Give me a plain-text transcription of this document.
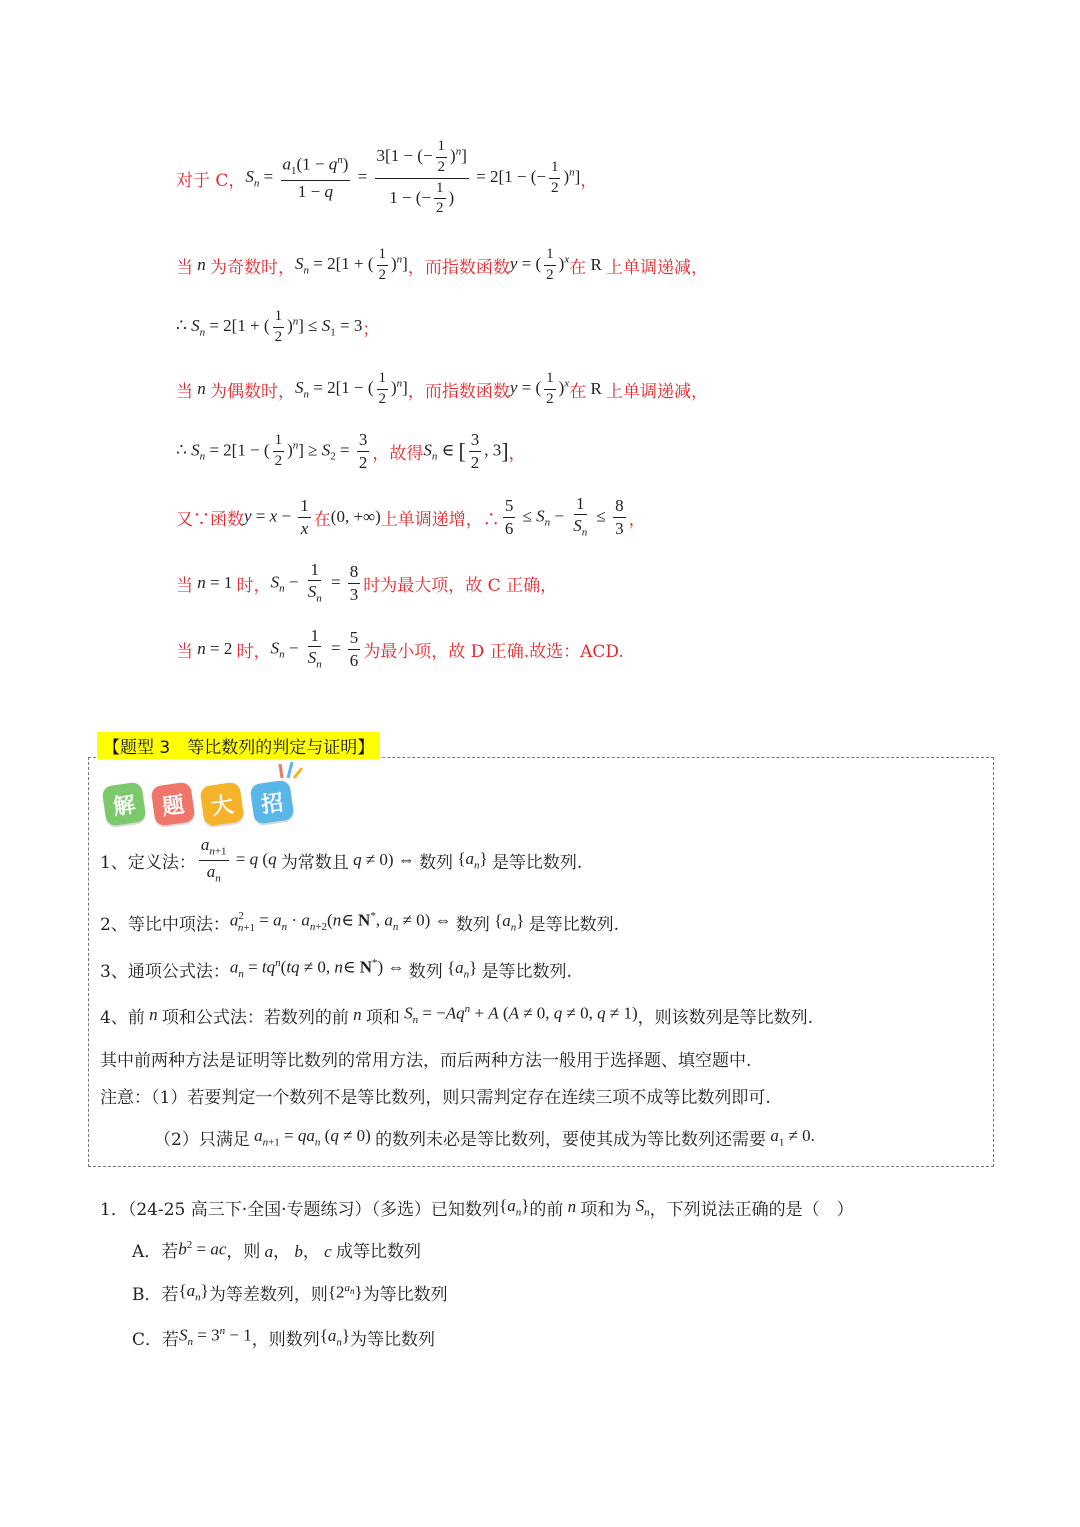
对于 C， $S_n = \frac{a_1(1 - q^n)}{1 - q} = \frac{3[1 - (- \frac{1}{2} )^n]}{1 - (- \frac{1}{2} )} = 2[1$ − (− $\frac{1}{2} )^n$] ，
当 n 为奇数时， $S_n = 2[1$ + ( $\frac{1}{2} )^n$] ，而指数函数 y = ( $\frac{1}{2} )^x$ 在 R 上单调递减，
∴ $S_n = 2[1$ + ( $\frac{1}{2} )^n] \le S_1 = 3$ ；
当 n 为偶数时， $S_n = 2[1$ − ( $\frac{1}{2} )^n$] ，而指数函数 y = ( $\frac{1}{2} )^x$ 在 R 上单调递减，
∴ $S_n = 2[1$ − ( $\frac{1}{2} )^n] \ge S_2 = \frac{3}{2}$ ，故得 $S_n$ ∈ [ $\frac{3}{2}$ , 3] ，
又∵函数 $y = x - \frac{1}{x}$ 在 (0, +∞) 上单调递增，∴ $\frac{5}{6} \le S_n - \frac{1}{S_n} \le \frac{8}{3}$ ，
当 n = 1 时， $S_n - \frac{1}{S_n} = \frac{8}{3}$ 时为最大项，故 C 正确，
当 n = 2 时， $S_n - \frac{1}{S_n} = \frac{5}{6}$ 为最小项，故 D 正确.故选：ACD.
【题型 3　等比数列的判定与证明】
解	题	大	招
1、定义法： $\frac{a_{n+1}}{a_n} = q$ (q 为常数且 q ≠ 0) ⇔ 数列 $\{a_n\}$ 是等比数列.
2、等比中项法： $a^2_{n+1} = a_n$ · $a_{n+2}(n\in$ N*, $a_n \ne 0$) ⇔ 数列 $\{a_n\}$ 是等比数列.
3、通项公式法： $a_n = tq^n(tq \ne 0$, n∈ N*) ⇔ 数列 $\{a_n\}$ 是等比数列.
4、前 n 项和公式法：若数列的前 n 项和 $S_n = -Aq^n + A$ (A ≠ 0, q ≠ 0, q ≠ 1) ，则该数列是等比数列.
其中前两种方法是证明等比数列的常用方法，而后两种方法一般用于选择题、填空题中.
注意：（1）若要判定一个数列不是等比数列，则只需判定存在连续三项不成等比数列即可.
（2）只满足 $a_{n+1} = qa_n$ (q ≠ 0) 的数列未必是等比数列，要使其成为等比数列还需要 $a_1 \ne 0$.
1．（24-25 高三下·全国·专题练习）（多选）已知数列 $\{a_n\}$ 的前 n 项和为 $S_n$ ，下列说法正确的是（　）
A．若 $b^2$ = ac ，则 a， b， c 成等比数列
B．若 $\{a_n\}$ 为等差数列，则 $\{2^{a_n}\}$ 为等比数列
C．若 $S_n = 3^n - 1$ ，则数列 $\{a_n\}$ 为等比数列
